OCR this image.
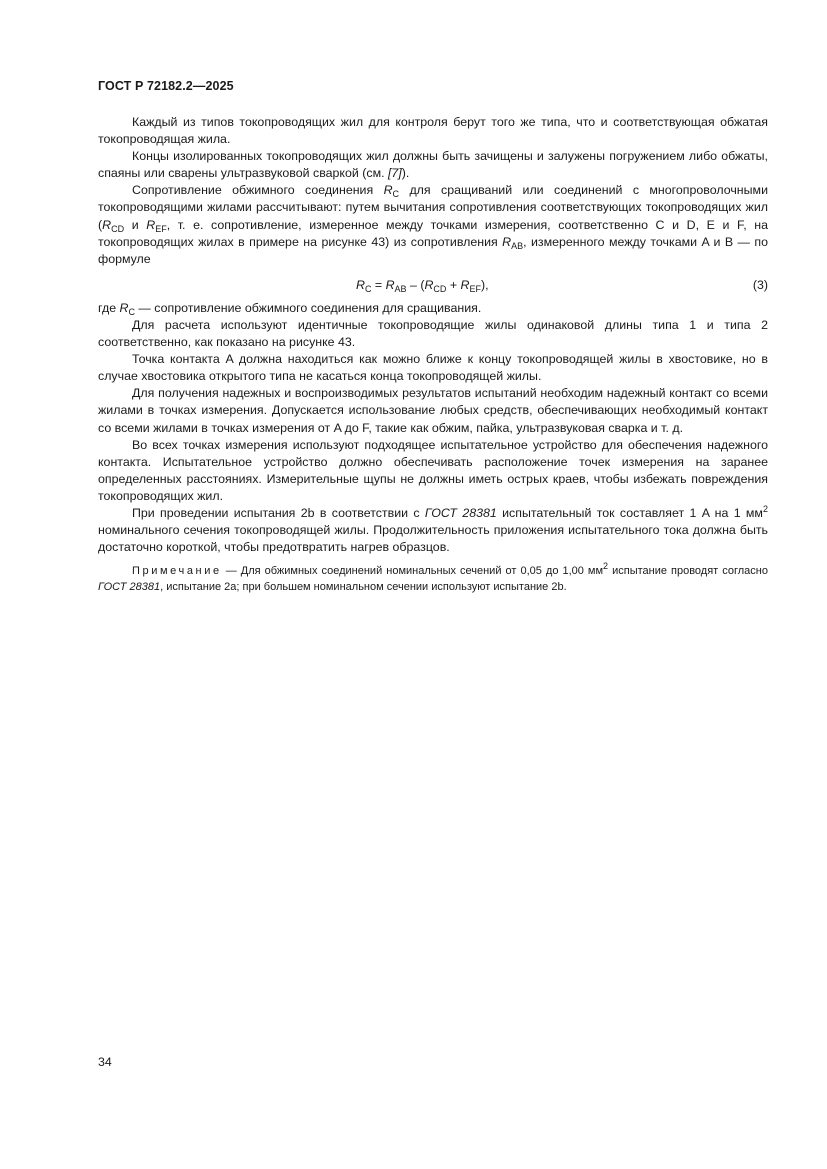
ГОСТ Р 72182.2—2025

Каждый из типов токопроводящих жил для контроля берут того же типа, что и соответствующая обжатая токопроводящая жила.

Концы изолированных токопроводящих жил должны быть зачищены и залужены погружением либо обжаты, спаяны или сварены ультразвуковой сваркой (см. [7]).

Сопротивление обжимного соединения $R_C$ для сращиваний или соединений с многопроволочными токопроводящими жилами рассчитывают: путем вычитания сопротивления соответствующих токопроводящих жил ($R_{CD}$ и $R_{EF}$, т. е. сопротивление, измеренное между точками измерения, соответственно C и D, E и F, на токопроводящих жилах в примере на рисунке 43) из сопротивления $R_{AB}$, измеренного между точками A и B — по формуле

$R_C = R_{AB} - (R_{CD} + R_{EF})$,	(3)

где $R_C$ — сопротивление обжимного соединения для сращивания.

Для расчета используют идентичные токопроводящие жилы одинаковой длины типа 1 и типа 2 соответственно, как показано на рисунке 43.

Точка контакта A должна находиться как можно ближе к концу токопроводящей жилы в хвостовике, но в случае хвостовика открытого типа не касаться конца токопроводящей жилы.

Для получения надежных и воспроизводимых результатов испытаний необходим надежный контакт со всеми жилами в точках измерения. Допускается использование любых средств, обеспечивающих необходимый контакт со всеми жилами в точках измерения от A до F, такие как обжим, пайка, ультразвуковая сварка и т. д.

Во всех точках измерения используют подходящее испытательное устройство для обеспечения надежного контакта. Испытательное устройство должно обеспечивать расположение точек измерения на заранее определенных расстояниях. Измерительные щупы не должны иметь острых краев, чтобы избежать повреждения токопроводящих жил.

При проведении испытания 2b в соответствии с ГОСТ 28381 испытательный ток составляет 1 A на 1 $мм^2$ номинального сечения токопроводящей жилы. Продолжительность приложения испытательного тока должна быть достаточно короткой, чтобы предотвратить нагрев образцов.

Примечание — Для обжимных соединений номинальных сечений от 0,05 до 1,00 $мм^2$ испытание проводят согласно ГОСТ 28381, испытание 2a; при большем номинальном сечении используют испытание 2b.

34
